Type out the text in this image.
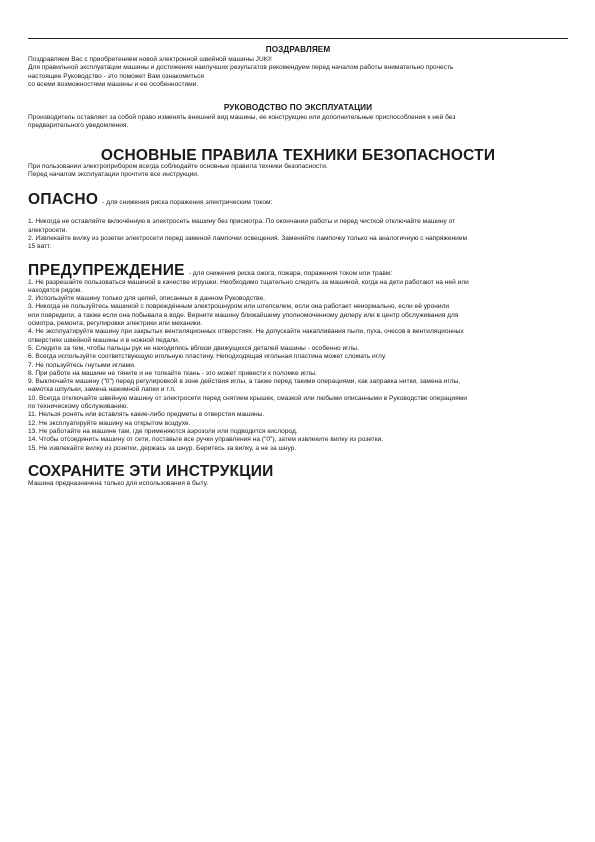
ПОЗДРАВЛЯЕМ

Поздравляем Вас с приобретением новой электронной швейной машины JUKI!

Для правильной эксплуатации машины и достижения наилучших результатов рекомендуем перед началом работы внимательно прочесть

настоящее Руководство - это поможет Вам ознакомиться

со всеми возможностями машины и ее особенностями.

РУКОВОДСТВО ПО ЭКСПЛУАТАЦИИ

Производитель оставляет за собой право изменять внешний вид машины, ее конструкцию или дополнительные приспособления к ней без

предварительного уведомления.

ОСНОВНЫЕ ПРАВИЛА ТЕХНИКИ БЕЗОПАСНОСТИ

При пользовании электроприбором всегда соблюдайте основные правила техники безопасности.

Перед началом эксплуатации прочтите все инструкции.

ОПАСНО - для снижения риска поражения электрическим током:
1. Никогда не оставляйте включённую в электросеть машину без присмотра. По окончании работы и перед чисткой отключайте машину от
электросети.
2. Извлекайте вилку из розетки электросети перед заменой лампочки освещения. Заменяйте лампочку только на аналогичную с напряжением
15 ватт.
ПРЕДУПРЕЖДЕНИЕ - для снижения риска ожога, пожара, поражения током или травм:
1. Не разрешайте пользоваться машиной в качестве игрушки. Необходимо тщательно следить за машиной, когда на дети работают на ней или
находятся рядом.
2. Используйте машину только для целей, описанных в данном Руководстве.
3. Никогда не пользуйтесь машиной с повреждённым электрошнуром или штепселем, если она работает ненормально, если её уронили
или повредили, а также если она побывала в воде. Верните машину ближайшему уполномоченному дилеру или в центр обслуживания для
осмотра, ремонта, регулировки электрики или механики.
4. Не эксплуатируйте машину при закрытых вентиляционных отверстиях. Не допускайте накапливания пыли, пуха, очесов в вентиляционных
отверстиях швейной машины и в ножной педали.
5. Следите за тем, чтобы пальцы рук не находились вблизи движущихся деталей машины - особенно иглы.
6. Всегда используйте соответствующую игольную пластину. Неподходящая игольная пластина может сломать иглу.
7. Не пользуйтесь гнутыми иглами.
8. При работе на машине не тяните и не толкайте ткань - это может привести к поломке иглы.
9. Выключайте машину ("0") перед регулировкой в зоне действия иглы, а также перед такими операциями, как заправка нитки, замена иглы,
намотка шпульки, замена нажимной лапки и т.п.
10. Всегда отключайте швейную машину от электросети перед снятием крышек, смазкой или любыми описанными в Руководстве операциями
по техническому обслуживанию.
11. Нельзя ронять или вставлять какие-либо предметы в отверстия машины.
12. Не эксплуатируйте машину на открытом воздухе.
13. Не работайте на машине там, где применяются аэрозоли или подводится кислород.
14. Чтобы отсоединить машину от сети, поставьте все ручки управления на ("0"), затем извлеките вилку из розетки.
15. Не извлекайте вилку из розетки, держась за шнур. Беритесь за вилку, а не за шнур.

СОХРАНИТЕ ЭТИ ИНСТРУКЦИИ

Машина предназначена только для использования в быту.
